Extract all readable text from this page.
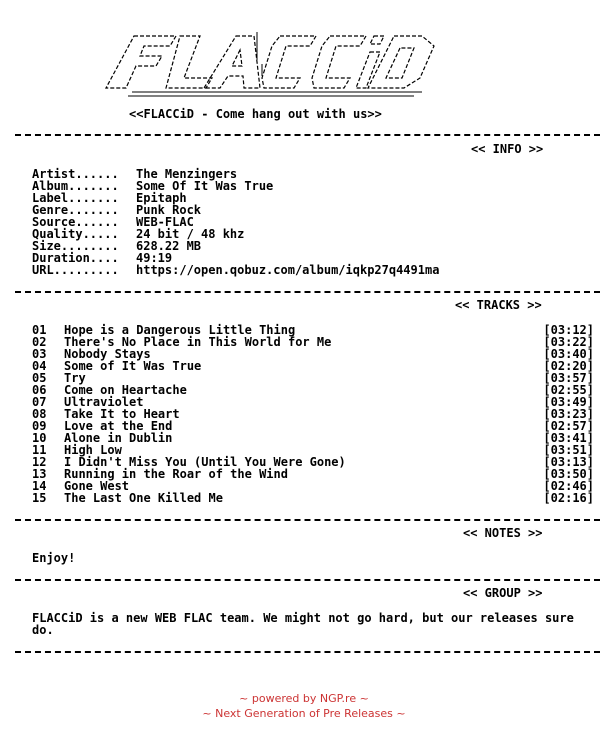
<<FLACCiD - Come hang out with us>>
<< INFO >>
Artist...... The Menzingers
Album....... Some Of It Was True
Label....... Epitaph
Genre....... Punk Rock
Source...... WEB-FLAC
Quality..... 24 bit / 48 khz
Size........ 628.22 MB
Duration.... 49:19
URL......... https://open.qobuz.com/album/iqkp27q4491ma
<< TRACKS >>
01 Hope is a Dangerous Little Thing	[03:12]
02 There's No Place in This World for Me	[03:22]
03 Nobody Stays	[03:40]
04 Some of It Was True	[02:20]
05 Try	[03:57]
06 Come on Heartache	[02:55]
07 Ultraviolet	[03:49]
08 Take It to Heart	[03:23]
09 Love at the End	[02:57]
10 Alone in Dublin	[03:41]
11 High Low	[03:51]
12 I Didn't Miss You (Until You Were Gone)	[03:13]
13 Running in the Roar of the Wind	[03:50]
14 Gone West	[02:46]
15 The Last One Killed Me	[02:16]
<< NOTES >>
Enjoy!
<< GROUP >>
FLACCiD is a new WEB FLAC team. We might not go hard, but our releases sure do.
~ powered by NGP.re ~
~ Next Generation of Pre Releases ~
